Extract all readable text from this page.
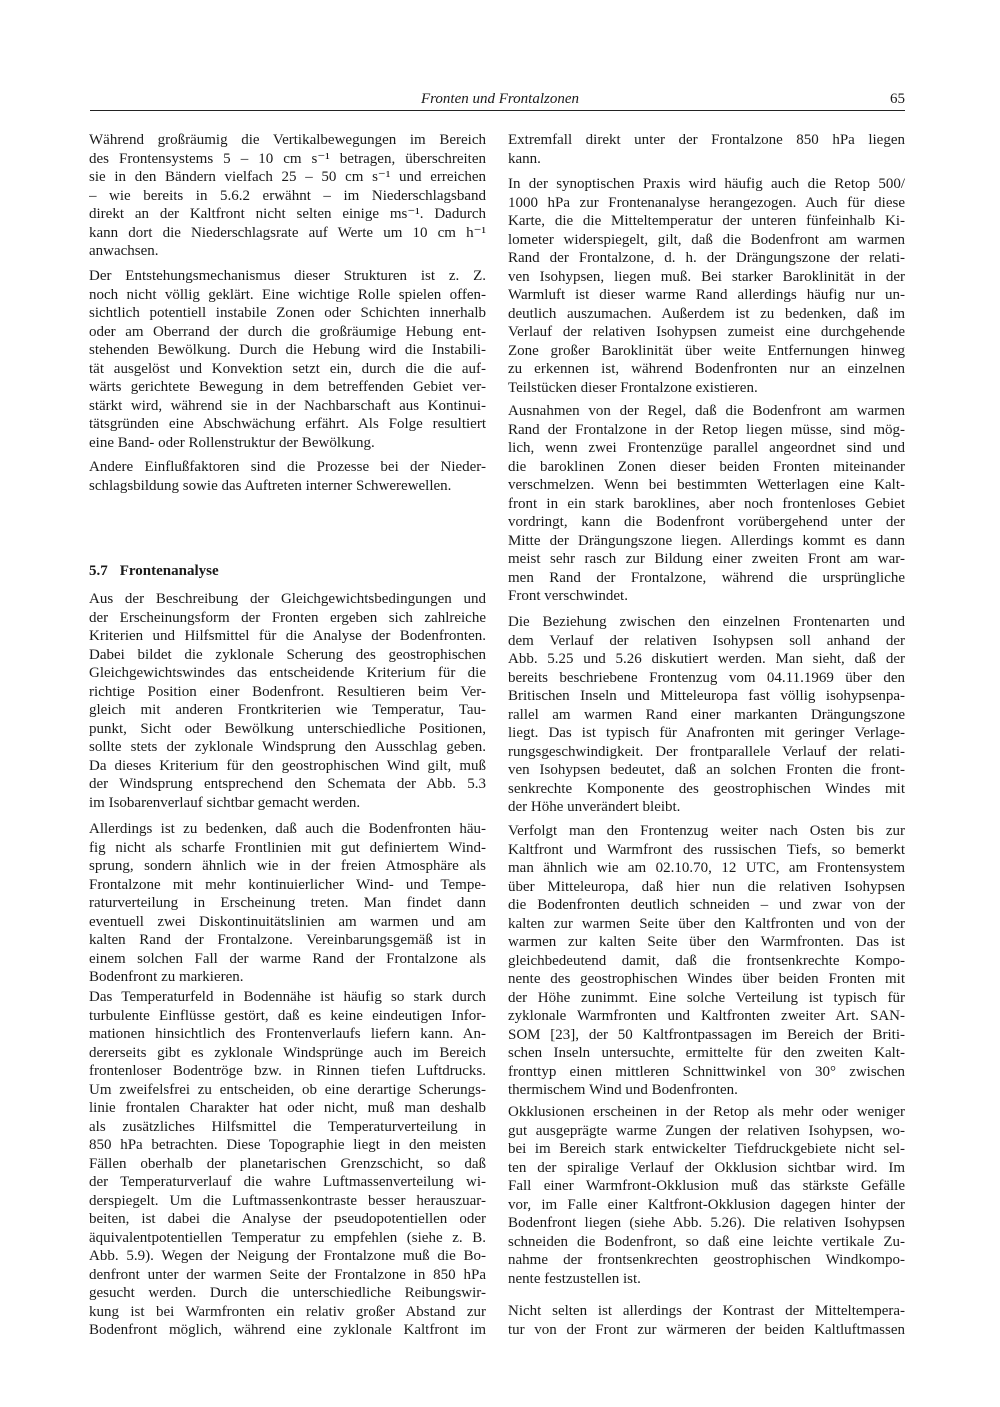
Fronten und Frontalzonen	65
Während großräumig die Vertikalbewegungen im Bereich
des Frontensystems 5 – 10 cm s⁻¹ betragen, überschreiten
sie in den Bändern vielfach 25 – 50 cm s⁻¹ und erreichen
– wie bereits in 5.6.2 erwähnt – im Niederschlagsband
direkt an der Kaltfront nicht selten einige ms⁻¹. Dadurch
kann dort die Niederschlagsrate auf Werte um 10 cm h⁻¹
anwachsen.
Der Entstehungsmechanismus dieser Strukturen ist z. Z.
noch nicht völlig geklärt. Eine wichtige Rolle spielen offen-
sichtlich potentiell instabile Zonen oder Schichten innerhalb
oder am Oberrand der durch die großräumige Hebung ent-
stehenden Bewölkung. Durch die Hebung wird die Instabili-
tät ausgelöst und Konvektion setzt ein, durch die die auf-
wärts gerichtete Bewegung in dem betreffenden Gebiet ver-
stärkt wird, während sie in der Nachbarschaft aus Kontinui-
tätsgründen eine Abschwächung erfährt. Als Folge resultiert
eine Band- oder Rollenstruktur der Bewölkung.
Andere Einflußfaktoren sind die Prozesse bei der Nieder-
schlagsbildung sowie das Auftreten interner Schwerewellen.
5.7 Frontenanalyse
Aus der Beschreibung der Gleichgewichtsbedingungen und
der Erscheinungsform der Fronten ergeben sich zahlreiche
Kriterien und Hilfsmittel für die Analyse der Bodenfronten.
Dabei bildet die zyklonale Scherung des geostrophischen
Gleichgewichtswindes das entscheidende Kriterium für die
richtige Position einer Bodenfront. Resultieren beim Ver-
gleich mit anderen Frontkriterien wie Temperatur, Tau-
punkt, Sicht oder Bewölkung unterschiedliche Positionen,
sollte stets der zyklonale Windsprung den Ausschlag geben.
Da dieses Kriterium für den geostrophischen Wind gilt, muß
der Windsprung entsprechend den Schemata der Abb. 5.3
im Isobarenverlauf sichtbar gemacht werden.
Allerdings ist zu bedenken, daß auch die Bodenfronten häu-
fig nicht als scharfe Frontlinien mit gut definiertem Wind-
sprung, sondern ähnlich wie in der freien Atmosphäre als
Frontalzone mit mehr kontinuierlicher Wind- und Tempe-
raturverteilung in Erscheinung treten. Man findet dann
eventuell zwei Diskontinuitätslinien am warmen und am
kalten Rand der Frontalzone. Vereinbarungsgemäß ist in
einem solchen Fall der warme Rand der Frontalzone als
Bodenfront zu markieren.
Das Temperaturfeld in Bodennähe ist häufig so stark durch
turbulente Einflüsse gestört, daß es keine eindeutigen Infor-
mationen hinsichtlich des Frontenverlaufs liefern kann. An-
dererseits gibt es zyklonale Windsprünge auch im Bereich
frontenloser Bodentröge bzw. in Rinnen tiefen Luftdrucks.
Um zweifelsfrei zu entscheiden, ob eine derartige Scherungs-
linie frontalen Charakter hat oder nicht, muß man deshalb
als zusätzliches Hilfsmittel die Temperaturverteilung in
850 hPa betrachten. Diese Topographie liegt in den meisten
Fällen oberhalb der planetarischen Grenzschicht, so daß
der Temperaturverlauf die wahre Luftmassenverteilung wi-
derspiegelt. Um die Luftmassenkontraste besser herauszuar-
beiten, ist dabei die Analyse der pseudopotentiellen oder
äquivalentpotentiellen Temperatur zu empfehlen (siehe z. B.
Abb. 5.9). Wegen der Neigung der Frontalzone muß die Bo-
denfront unter der warmen Seite der Frontalzone in 850 hPa
gesucht werden. Durch die unterschiedliche Reibungswir-
kung ist bei Warmfronten ein relativ großer Abstand zur
Bodenfront möglich, während eine zyklonale Kaltfront im
Extremfall direkt unter der Frontalzone 850 hPa liegen
kann.
In der synoptischen Praxis wird häufig auch die Retop 500/
1000 hPa zur Frontenanalyse herangezogen. Auch für diese
Karte, die die Mitteltemperatur der unteren fünfeinhalb Ki-
lometer widerspiegelt, gilt, daß die Bodenfront am warmen
Rand der Frontalzone, d. h. der Drängungszone der relati-
ven Isohypsen, liegen muß. Bei starker Baroklinität in der
Warmluft ist dieser warme Rand allerdings häufig nur un-
deutlich auszumachen. Außerdem ist zu bedenken, daß im
Verlauf der relativen Isohypsen zumeist eine durchgehende
Zone großer Baroklinität über weite Entfernungen hinweg
zu erkennen ist, während Bodenfronten nur an einzelnen
Teilstücken dieser Frontalzone existieren.
Ausnahmen von der Regel, daß die Bodenfront am warmen
Rand der Frontalzone in der Retop liegen müsse, sind mög-
lich, wenn zwei Frontenzüge parallel angeordnet sind und
die baroklinen Zonen dieser beiden Fronten miteinander
verschmelzen. Wenn bei bestimmten Wetterlagen eine Kalt-
front in ein stark baroklines, aber noch frontenloses Gebiet
vordringt, kann die Bodenfront vorübergehend unter der
Mitte der Drängungszone liegen. Allerdings kommt es dann
meist sehr rasch zur Bildung einer zweiten Front am war-
men Rand der Frontalzone, während die ursprüngliche
Front verschwindet.
Die Beziehung zwischen den einzelnen Frontenarten und
dem Verlauf der relativen Isohypsen soll anhand der
Abb. 5.25 und 5.26 diskutiert werden. Man sieht, daß der
bereits beschriebene Frontenzug vom 04.11.1969 über den
Britischen Inseln und Mitteleuropa fast völlig isohypsenpa-
rallel am warmen Rand einer markanten Drängungszone
liegt. Das ist typisch für Anafronten mit geringer Verlage-
rungsgeschwindigkeit. Der frontparallele Verlauf der relati-
ven Isohypsen bedeutet, daß an solchen Fronten die front-
senkrechte Komponente des geostrophischen Windes mit
der Höhe unverändert bleibt.
Verfolgt man den Frontenzug weiter nach Osten bis zur
Kaltfront und Warmfront des russischen Tiefs, so bemerkt
man ähnlich wie am 02.10.70, 12 UTC, am Frontensystem
über Mitteleuropa, daß hier nun die relativen Isohypsen
die Bodenfronten deutlich schneiden – und zwar von der
kalten zur warmen Seite über den Kaltfronten und von der
warmen zur kalten Seite über den Warmfronten. Das ist
gleichbedeutend damit, daß die frontsenkrechte Kompo-
nente des geostrophischen Windes über beiden Fronten mit
der Höhe zunimmt. Eine solche Verteilung ist typisch für
zyklonale Warmfronten und Kaltfronten zweiter Art. SAN-
SOM [23], der 50 Kaltfrontpassagen im Bereich der Briti-
schen Inseln untersuchte, ermittelte für den zweiten Kalt-
fronttyp einen mittleren Schnittwinkel von 30° zwischen
thermischem Wind und Bodenfronten.
Okklusionen erscheinen in der Retop als mehr oder weniger
gut ausgeprägte warme Zungen der relativen Isohypsen, wo-
bei im Bereich stark entwickelter Tiefdruckgebiete nicht sel-
ten der spiralige Verlauf der Okklusion sichtbar wird. Im
Fall einer Warmfront-Okklusion muß das stärkste Gefälle
vor, im Falle einer Kaltfront-Okklusion dagegen hinter der
Bodenfront liegen (siehe Abb. 5.26). Die relativen Isohypsen
schneiden die Bodenfront, so daß eine leichte vertikale Zu-
nahme der frontsenkrechten geostrophischen Windkompo-
nente festzustellen ist.
Nicht selten ist allerdings der Kontrast der Mitteltempera-
tur von der Front zur wärmeren der beiden Kaltluftmassen
